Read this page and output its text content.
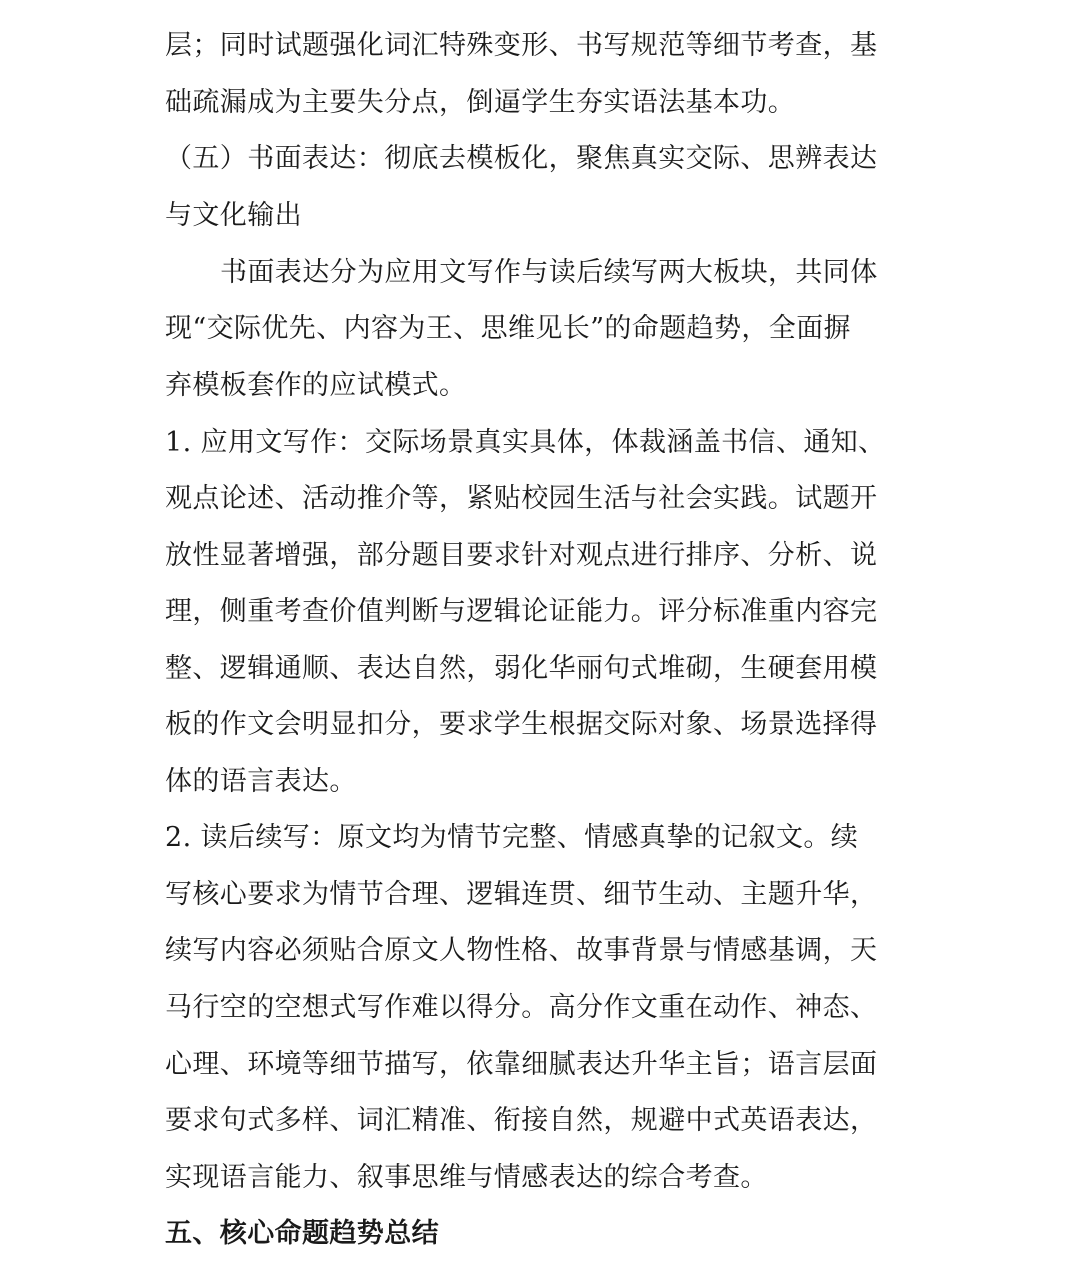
层；同时试题强化词汇特殊变形、书写规范等细节考查，基
础疏漏成为主要失分点，倒逼学生夯实语法基本功。
（五）书面表达：彻底去模板化，聚焦真实交际、思辨表达
与文化输出
书面表达分为应用文写作与读后续写两大板块，共同体
现“交际优先、内容为王、思维见长”的命题趋势，全面摒
弃模板套作的应试模式。
1. 应用文写作：交际场景真实具体，体裁涵盖书信、通知、
观点论述、活动推介等，紧贴校园生活与社会实践。试题开
放性显著增强，部分题目要求针对观点进行排序、分析、说
理，侧重考查价值判断与逻辑论证能力。评分标准重内容完
整、逻辑通顺、表达自然，弱化华丽句式堆砌，生硬套用模
板的作文会明显扣分，要求学生根据交际对象、场景选择得
体的语言表达。
2. 读后续写：原文均为情节完整、情感真挚的记叙文。续
写核心要求为情节合理、逻辑连贯、细节生动、主题升华，
续写内容必须贴合原文人物性格、故事背景与情感基调，天
马行空的空想式写作难以得分。高分作文重在动作、神态、
心理、环境等细节描写，依靠细腻表达升华主旨；语言层面
要求句式多样、词汇精准、衔接自然，规避中式英语表达，
实现语言能力、叙事思维与情感表达的综合考查。
五、核心命题趋势总结
